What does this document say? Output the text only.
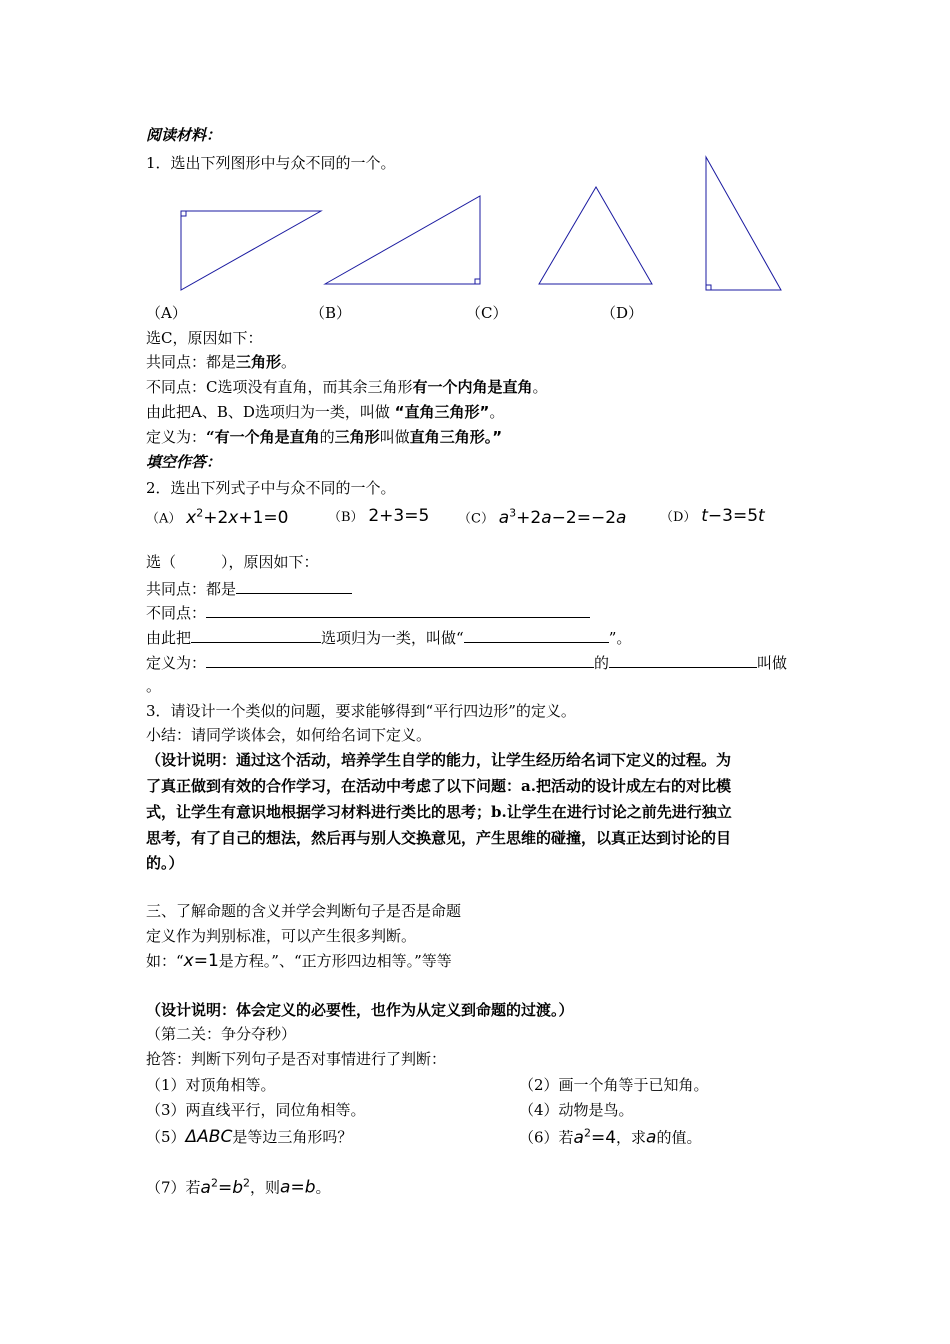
阅读材料：
1．选出下列图形中与众不同的一个。
（A）	（B）	（C）	（D）
选C，原因如下：
共同点：都是三角形。
不同点：C选项没有直角，而其余三角形有一个内角是直角。
由此把A、B、D选项归为一类，叫做 “直角三角形”。
定义为：“有一个角是直角的三角形叫做直角三角形。”
填空作答：
2．选出下列式子中与众不同的一个。
（A） $x^2+2x+1=0$	（B） 2+3=5 （C） $a^3+2a-2=-2a$	（D） t−3=5t
选（　　　），原因如下：
共同点：都是
不同点：
由此把	选项归为一类，叫做“	”。
定义为：	的	叫做
。
3．请设计一个类似的问题，要求能够得到“平行四边形”的定义。
小结：请同学谈体会，如何给名词下定义。
（设计说明：通过这个活动，培养学生自学的能力，让学生经历给名词下定义的过程。为
了真正做到有效的合作学习，在活动中考虑了以下问题：a.把活动的设计成左右的对比模
式，让学生有意识地根据学习材料进行类比的思考；b.让学生在进行讨论之前先进行独立
思考，有了自己的想法，然后再与别人交换意见，产生思维的碰撞，以真正达到讨论的目
的。）
三、了解命题的含义并学会判断句子是否是命题
定义作为判别标准，可以产生很多判断。
如：“x=1是方程。”、“正方形四边相等。”等等
（设计说明：体会定义的必要性，也作为从定义到命题的过渡。）
（第二关：争分夺秒）
抢答：判断下列句子是否对事情进行了判断：
（1）对顶角相等。	（2）画一个角等于已知角。
（3）两直线平行，同位角相等。	（4）动物是鸟。
（5）ΔABC是等边三角形吗？	（6）若$a^2=4$，求a的值。
（7）若$a^2=b^2$，则a=b。
